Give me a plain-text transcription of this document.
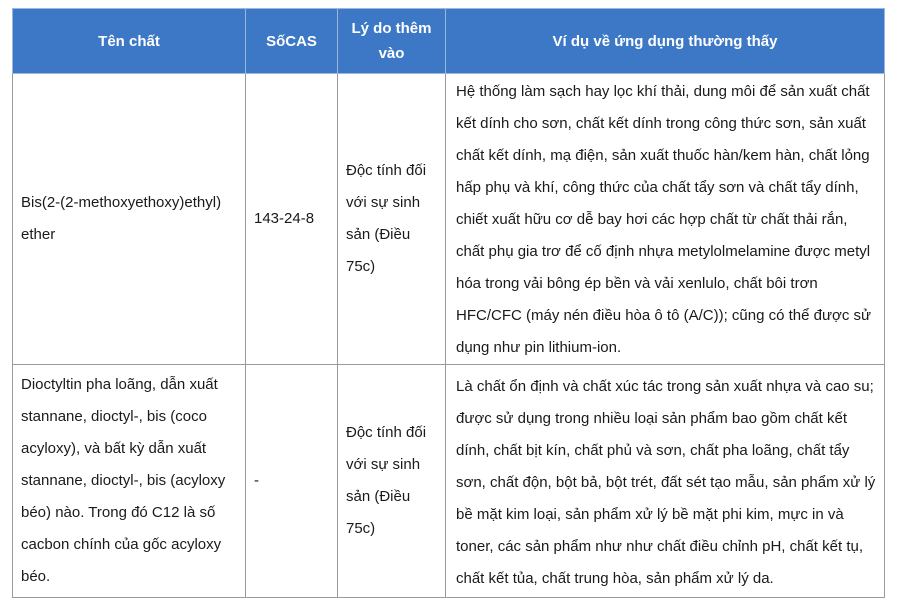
Tên chất	SốCAS	Lý do thêm vào	Ví dụ về ứng dụng thường thấy
Bis(2-(2-methoxyethoxy)ethyl) ether	143-24-8	Độc tính đối với sự sinh sản (Điều 75c)	Hệ thống làm sạch hay lọc khí thải, dung môi để sản xuất chất kết dính cho sơn, chất kết dính trong công thức sơn, sản xuất chất kết dính, mạ điện, sản xuất thuốc hàn/kem hàn, chất lỏng hấp phụ và khí, công thức của chất tẩy sơn và chất tẩy dính, chiết xuất hữu cơ dễ bay hơi các hợp chất từ chất thải rắn, chất phụ gia trơ để cố định nhựa metylolmelamine được metyl hóa trong vải bông ép bền và vải xenlulo, chất bôi trơn HFC/CFC (máy nén điều hòa ô tô (A/C)); cũng có thể được sử dụng như pin lithium-ion.
Dioctyltin pha loãng, dẫn xuất stannane, dioctyl-, bis (coco acyloxy), và bất kỳ dẫn xuất stannane, dioctyl-, bis (acyloxy béo) nào. Trong đó C12 là số cacbon chính của gốc acyloxy béo.	-	Độc tính đối với sự sinh sản (Điều 75c)	Là chất ổn định và chất xúc tác trong sản xuất nhựa và cao su; được sử dụng trong nhiều loại sản phẩm bao gồm chất kết dính, chất bịt kín, chất phủ và sơn, chất pha loãng, chất tẩy sơn, chất độn, bột bả, bột trét, đất sét tạo mẫu, sản phẩm xử lý bề mặt kim loại, sản phẩm xử lý bề mặt phi kim, mực in và toner, các sản phẩm như như chất điều chỉnh pH, chất kết tụ, chất kết tủa, chất trung hòa, sản phẩm xử lý da.
